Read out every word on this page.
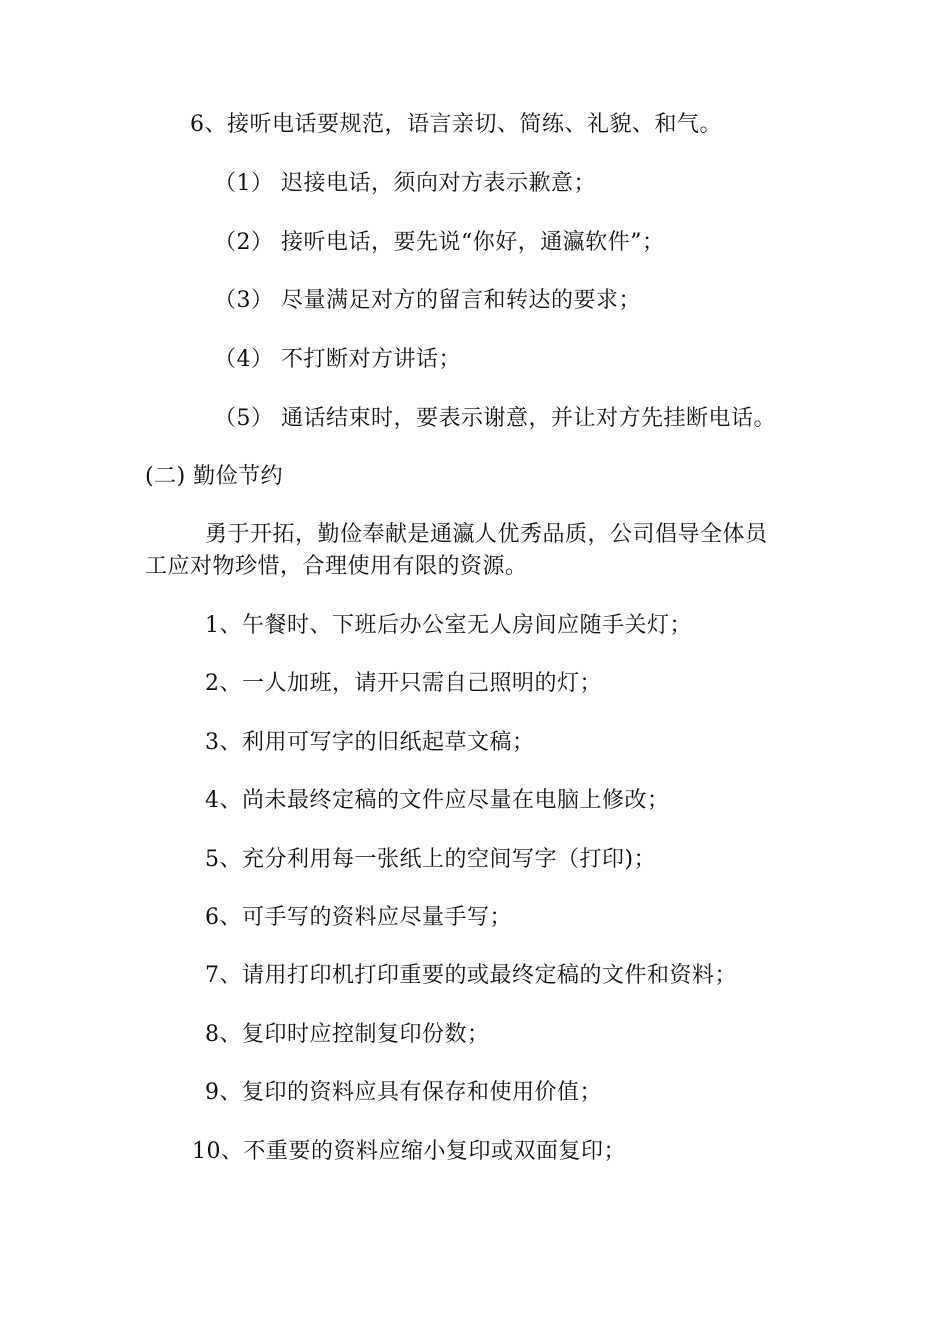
6、接听电话要规范，语言亲切、简练、礼貌、和气。
（1） 迟接电话，须向对方表示歉意；
（2） 接听电话，要先说“你好，通瀛软件”；
（3） 尽量满足对方的留言和转达的要求；
（4） 不打断对方讲话；
（5） 通话结束时，要表示谢意，并让对方先挂断电话。
(二) 勤俭节约
勇于开拓，勤俭奉献是通瀛人优秀品质，公司倡导全体员
工应对物珍惜，合理使用有限的资源。
1、午餐时、下班后办公室无人房间应随手关灯；
2、一人加班，请开只需自己照明的灯；
3、利用可写字的旧纸起草文稿；
4、尚未最终定稿的文件应尽量在电脑上修改；
5、充分利用每一张纸上的空间写字（打印)；
6、可手写的资料应尽量手写；
7、请用打印机打印重要的或最终定稿的文件和资料；
8、复印时应控制复印份数；
9、复印的资料应具有保存和使用价值；
10、不重要的资料应缩小复印或双面复印；
